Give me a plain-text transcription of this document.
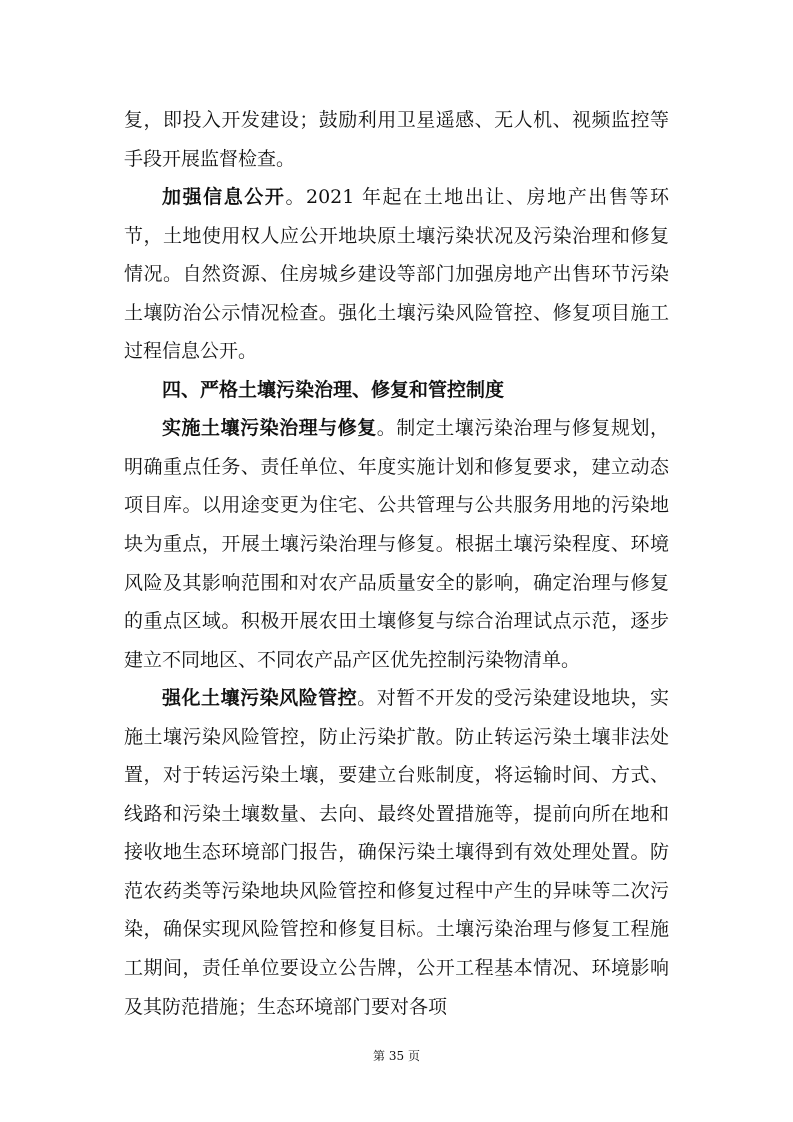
复，即投入开发建设；鼓励利用卫星遥感、无人机、视频监控等手段开展监督检查。

加强信息公开。2021 年起在土地出让、房地产出售等环节，土地使用权人应公开地块原土壤污染状况及污染治理和修复情况。自然资源、住房城乡建设等部门加强房地产出售环节污染土壤防治公示情况检查。强化土壤污染风险管控、修复项目施工过程信息公开。

四、严格土壤污染治理、修复和管控制度

实施土壤污染治理与修复。制定土壤污染治理与修复规划，明确重点任务、责任单位、年度实施计划和修复要求，建立动态项目库。以用途变更为住宅、公共管理与公共服务用地的污染地块为重点，开展土壤污染治理与修复。根据土壤污染程度、环境风险及其影响范围和对农产品质量安全的影响，确定治理与修复的重点区域。积极开展农田土壤修复与综合治理试点示范，逐步建立不同地区、不同农产品产区优先控制污染物清单。

强化土壤污染风险管控。对暂不开发的受污染建设地块，实施土壤污染风险管控，防止污染扩散。防止转运污染土壤非法处置，对于转运污染土壤，要建立台账制度，将运输时间、方式、线路和污染土壤数量、去向、最终处置措施等，提前向所在地和接收地生态环境部门报告，确保污染土壤得到有效处理处置。防范农药类等污染地块风险管控和修复过程中产生的异味等二次污染，确保实现风险管控和修复目标。土壤污染治理与修复工程施工期间，责任单位要设立公告牌，公开工程基本情况、环境影响及其防范措施；生态环境部门要对各项

第 35 页
